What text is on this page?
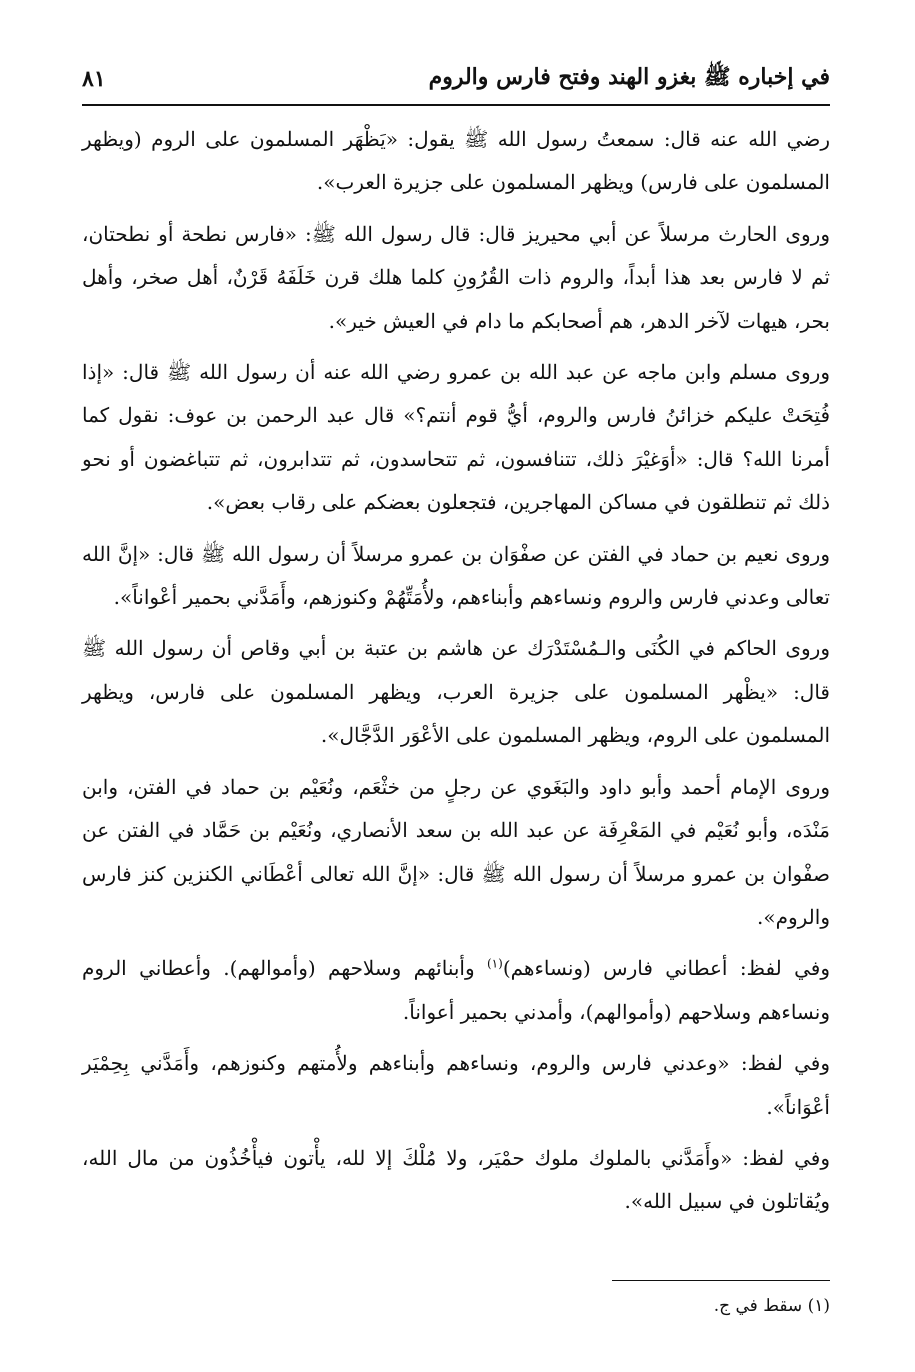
في إخباره ﷺ بغزو الهند وفتح فارس والروم
٨١

رضي الله عنه قال: سمعتُ رسول الله ﷺ يقول: «يَظْهَر المسلمون على الروم (ويظهر المسلمون على فارس) ويظهر المسلمون على جزيرة العرب».

وروى الحارث مرسلاً عن أبي محيريز قال: قال رسول الله ﷺ: «فارس نطحة أو نطحتان، ثم لا فارس بعد هذا أبداً، والروم ذات القُرُونِ كلما هلك قرن خَلَفَهُ قَرْنٌ، أهل صخر، وأهل بحر، هيهات لآخر الدهر، هم أصحابكم ما دام في العيش خير».

وروى مسلم وابن ماجه عن عبد الله بن عمرو رضي الله عنه أن رسول الله ﷺ قال: «إذا فُتِحَتْ عليكم خزائنُ فارس والروم، أيُّ قوم أنتم؟» قال عبد الرحمن بن عوف: نقول كما أمرنا الله؟ قال: «أوَغيْرَ ذلك، تتنافسون، ثم تتحاسدون، ثم تتدابرون، ثم تتباغضون أو نحو ذلك ثم تنطلقون في مساكن المهاجرين، فتجعلون بعضكم على رقاب بعض».

وروى نعيم بن حماد في الفتن عن صفْوَان بن عمرو مرسلاً أن رسول الله ﷺ قال: «إنَّ الله تعالى وعدني فارس والروم ونساءهم وأبناءهم، ولأُمَتِّهُمْ وكنوزهم، وأَمَدَّني بحمير أعْواناً».

وروى الحاكم في الكُنَى والـمُسْتَدْرَك عن هاشم بن عتبة بن أبي وقاص أن رسول الله ﷺ قال: «يظْهر المسلمون على جزيرة العرب، ويظهر المسلمون على فارس، ويظهر المسلمون على الروم، ويظهر المسلمون على الأعْوَر الدَّجَّال».

وروى الإمام أحمد وأبو داود والبَغَوي عن رجلٍ من خثْعَم، ونُعَيْم بن حماد في الفتن، وابن مَنْدَه، وأبو نُعَيْم في المَعْرِفَة عن عبد الله بن سعد الأنصاري، ونُعَيْم بن حَمَّاد في الفتن عن صفْوان بن عمرو مرسلاً أن رسول الله ﷺ قال: «إنَّ الله تعالى أعْطَاني الكنزين كنز فارس والروم».

وفي لفظ: أعطاني فارس (ونساءهم)$^{(١)}$ وأبنائهم وسلاحهم (وأموالهم). وأعطاني الروم ونساءهم وسلاحهم (وأموالهم)، وأمدني بحمير أعواناً.

وفي لفظ: «وعدني فارس والروم، ونساءهم وأبناءهم ولأُمتهم وكنوزهم، وأَمَدَّني بِحِمْيَر أعْوَاناً».

وفي لفظ: «وأَمَدَّني بالملوك ملوك حمْيَر، ولا مُلْكَ إلا لله، يأْتون فيأْخُذُون من مال الله، ويُقاتلون في سبيل الله».

(١) سقط في ج.
